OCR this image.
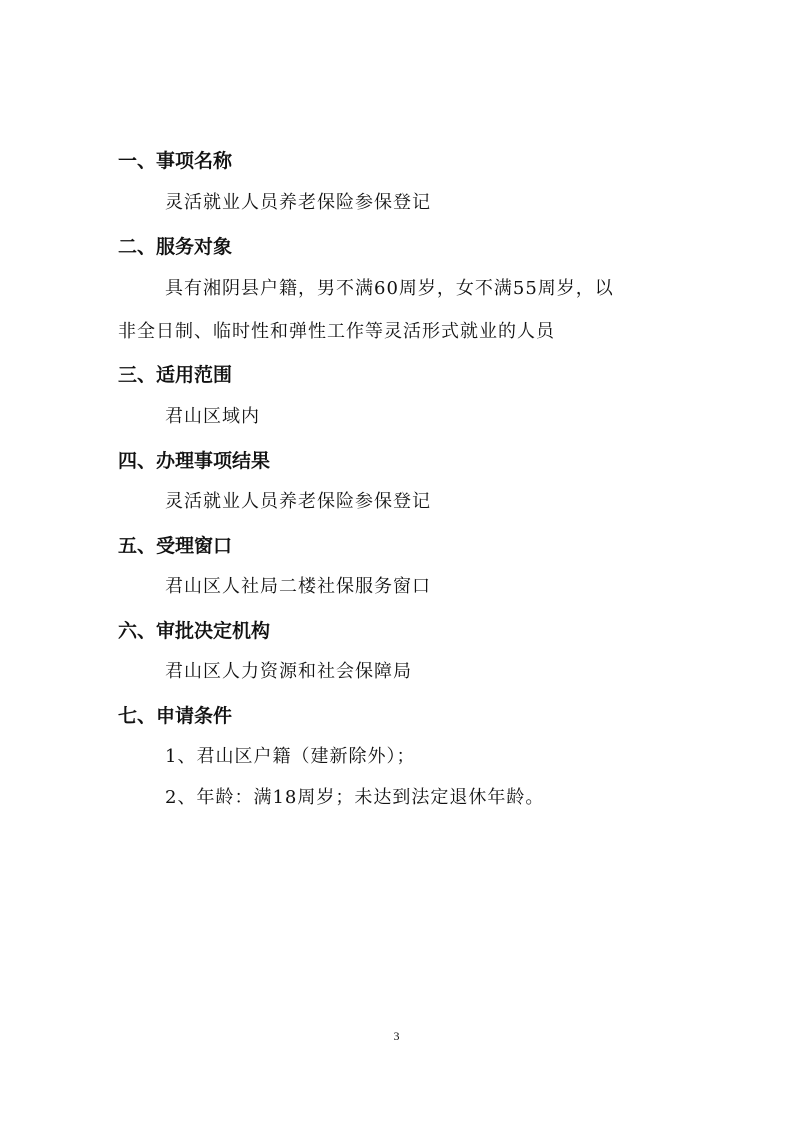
一、事项名称
灵活就业人员养老保险参保登记
二、服务对象
具有湘阴县户籍，男不满60周岁，女不满55周岁，以
非全日制、临时性和弹性工作等灵活形式就业的人员
三、适用范围
君山区域内
四、办理事项结果
灵活就业人员养老保险参保登记
五、受理窗口
君山区人社局二楼社保服务窗口
六、审批决定机构
君山区人力资源和社会保障局
七、申请条件
1、君山区户籍（建新除外）；
2、年龄：满18周岁；未达到法定退休年龄。
3
